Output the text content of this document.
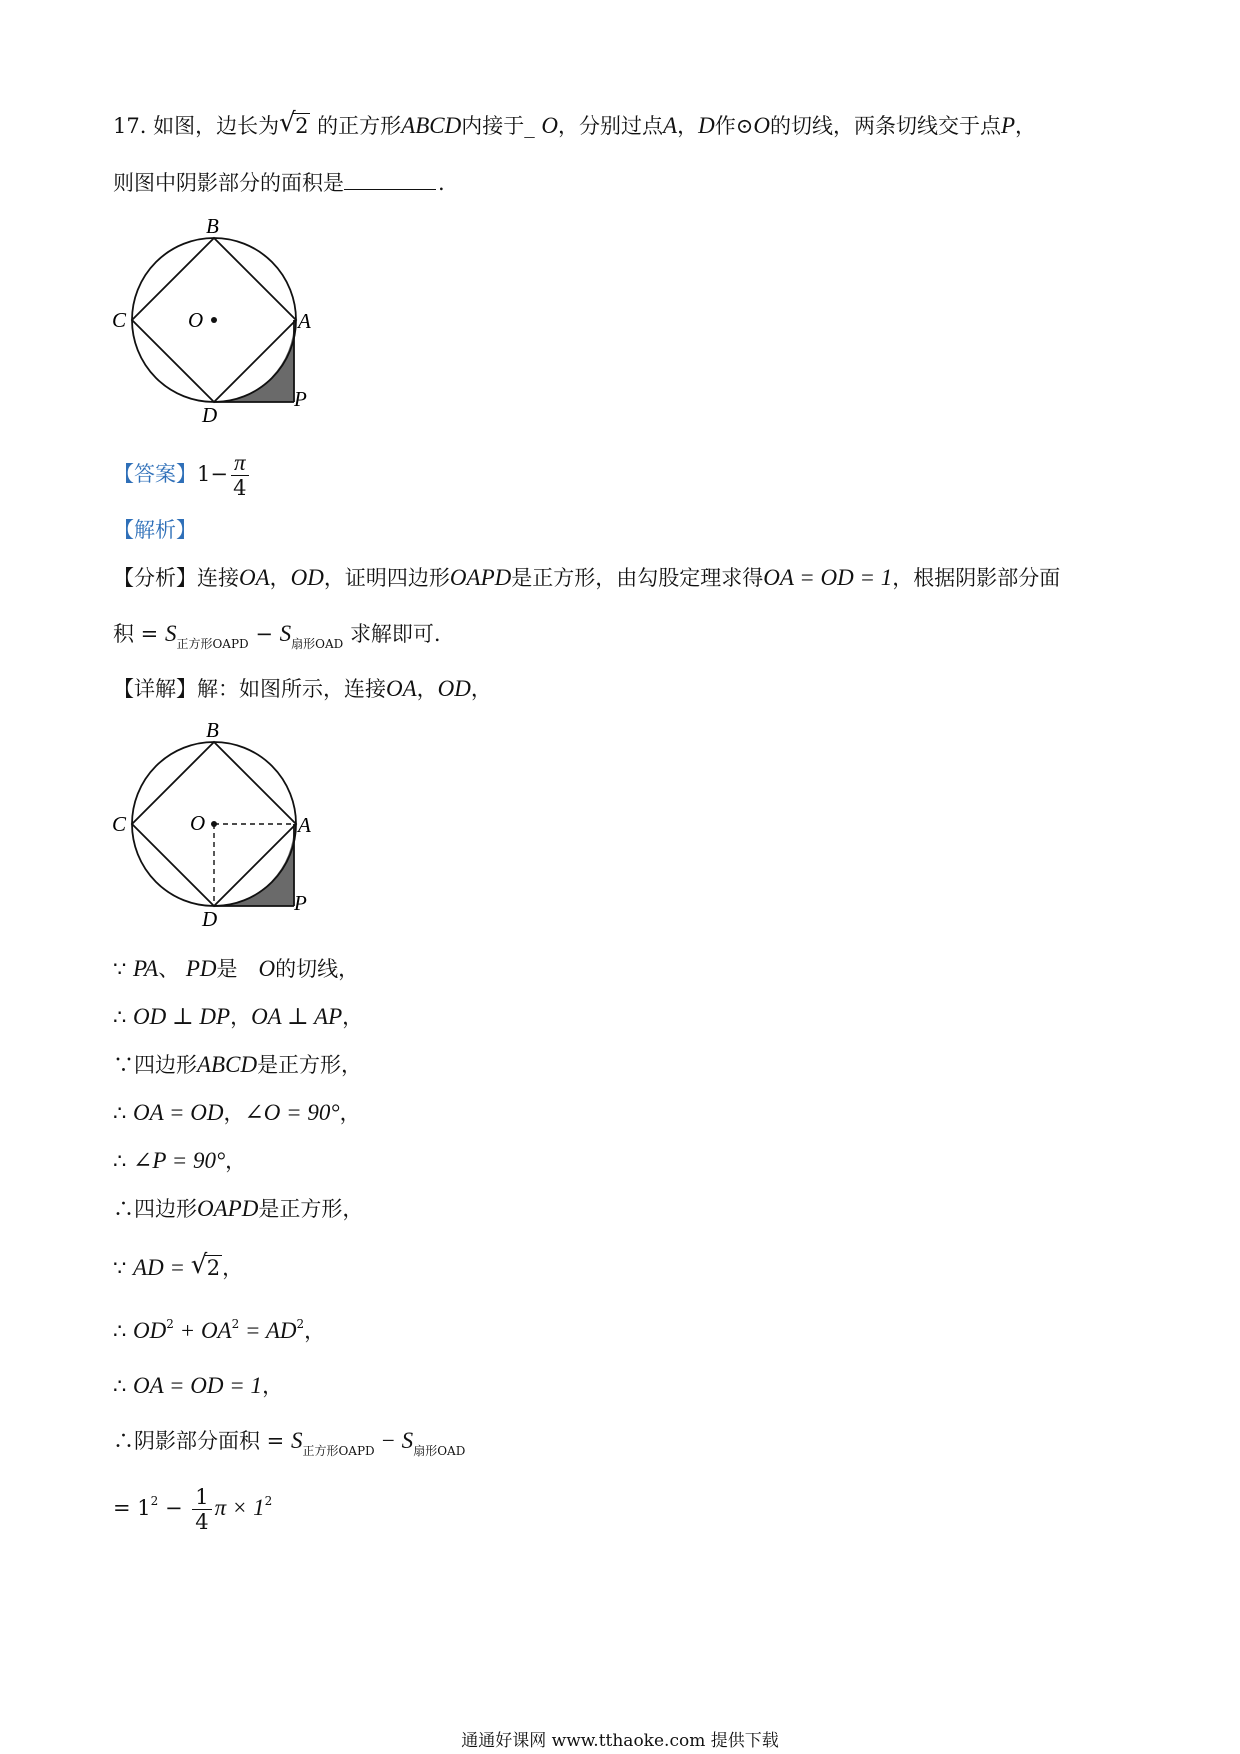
17. 如图，边长为 √ 2 的正方形ABCD内接于_ O，分别过点A，D作⊙O的切线，两条切线交于点P，
则图中阴影部分的面积是	.
B
C	O	A
D
P
【答案】$1- \frac{\pi}{4}$
【解析】
【分析】连接OA，OD，证明四边形OAPD是正方形，由勾股定理求得OA = OD = 1，根据阴影部分面
积 = $S_{正方形OAPD} - S_{扇形OAD}$ 求解即可.
【详解】解：如图所示，连接OA，OD，
B
C	O	A
D
P
∵ PA、 PD是　O的切线，
∴ OD ⊥ DP，OA ⊥ AP，
∵四边形ABCD是正方形，
∴ OA = OD，∠O = 90°，
∴ ∠P = 90°，
∴四边形OAPD是正方形，
∵ AD = √ 2，
∴ $OD^2 + OA^2 = AD^2$，
∴ OA = OD = 1，
∴阴影部分面积 = $S_{正方形OAPD} - S_{扇形OAD}$
= $1^2 - \frac{1}{4}$ $\pi \times 1^2$
通通好课网 www.tthaoke.com 提供下载
